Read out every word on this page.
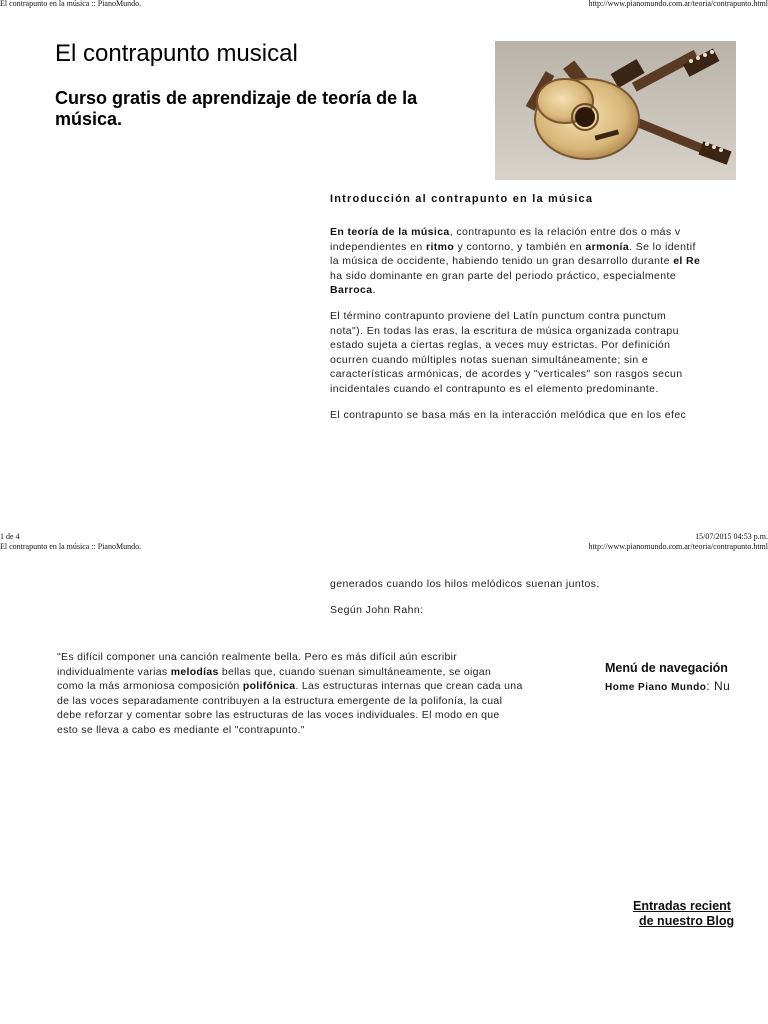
El contrapunto en la música :: PianoMundo.	http://www.pianomundo.com.ar/teoria/contrapunto.html
El contrapunto musical
Curso gratis de aprendizaje de teoría de la música.

Introducción al contrapunto en la música

En teoría de la música, contrapunto es la relación entre dos o más v
independientes en ritmo y contorno, y también en armonía. Se lo identif
la música de occidente, habiendo tenido un gran desarrollo durante el Re
ha sido dominante en gran parte del periodo práctico, especialmente
Barroca.
El término contrapunto proviene del Latín punctum contra punctum
nota"). En todas las eras, la escritura de música organizada contrapu
estado sujeta a ciertas reglas, a veces muy estrictas. Por definición
ocurren cuando múltiples notas suenan simultáneamente; sin e
características armónicas, de acordes y "verticales" son rasgos secun
incidentales cuando el contrapunto es el elemento predominante.

El contrapunto se basa más en la interacción melódica que en los efec

1 de 4	15/07/2015 04:53 p.m.
El contrapunto en la música :: PianoMundo.	http://www.pianomundo.com.ar/teoria/contrapunto.html

generados cuando los hilos melódicos suenan juntos.

Según John Rahn:

"Es difícil componer una canción realmente bella. Pero es más difícil aún escribir
individualmente varias melodías bellas que, cuando suenan simultáneamente, se oigan
como la más armoniosa composición polifónica. Las estructuras internas que crean cada una
de las voces separadamente contribuyen a la estructura emergente de la polifonía, la cual
debe reforzar y comentar sobre las estructuras de las voces individuales. El modo en que
esto se lleva a cabo es mediante el "contrapunto."
Menú de navegación
Home Piano Mundo: Nu
Entradas recient
de nuestro Blog
